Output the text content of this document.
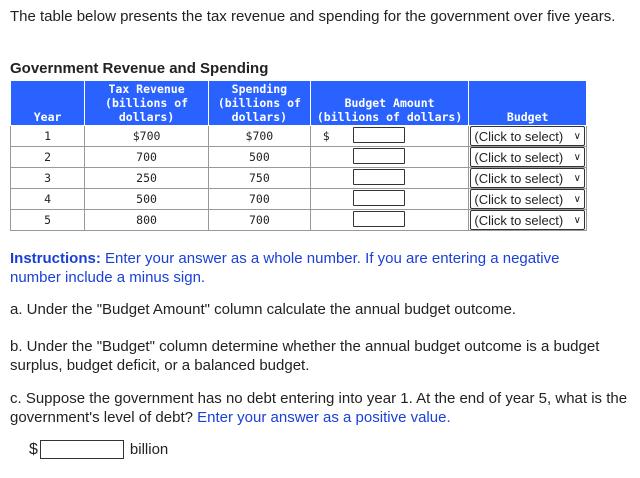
The table below presents the tax revenue and spending for the government over five years.
Government Revenue and Spending
Year	Tax Revenue (billions of dollars)	Spending (billions of dollars)	Budget Amount (billions of dollars)	Budget
1	$700	$700	$	(Click to select) ∨

2	700	500		(Click to select) ∨

3	250	750		(Click to select) ∨

4	500	700		(Click to select) ∨

5	800	700		(Click to select) ∨
Instructions: Enter your answer as a whole number. If you are entering a negative number include a minus sign.
a. Under the "Budget Amount" column calculate the annual budget outcome.
b. Under the "Budget" column determine whether the annual budget outcome is a budget surplus, budget deficit, or a balanced budget.
c. Suppose the government has no debt entering into year 1. At the end of year 5, what is the government's level of debt? Enter your answer as a positive value.
$	billion
